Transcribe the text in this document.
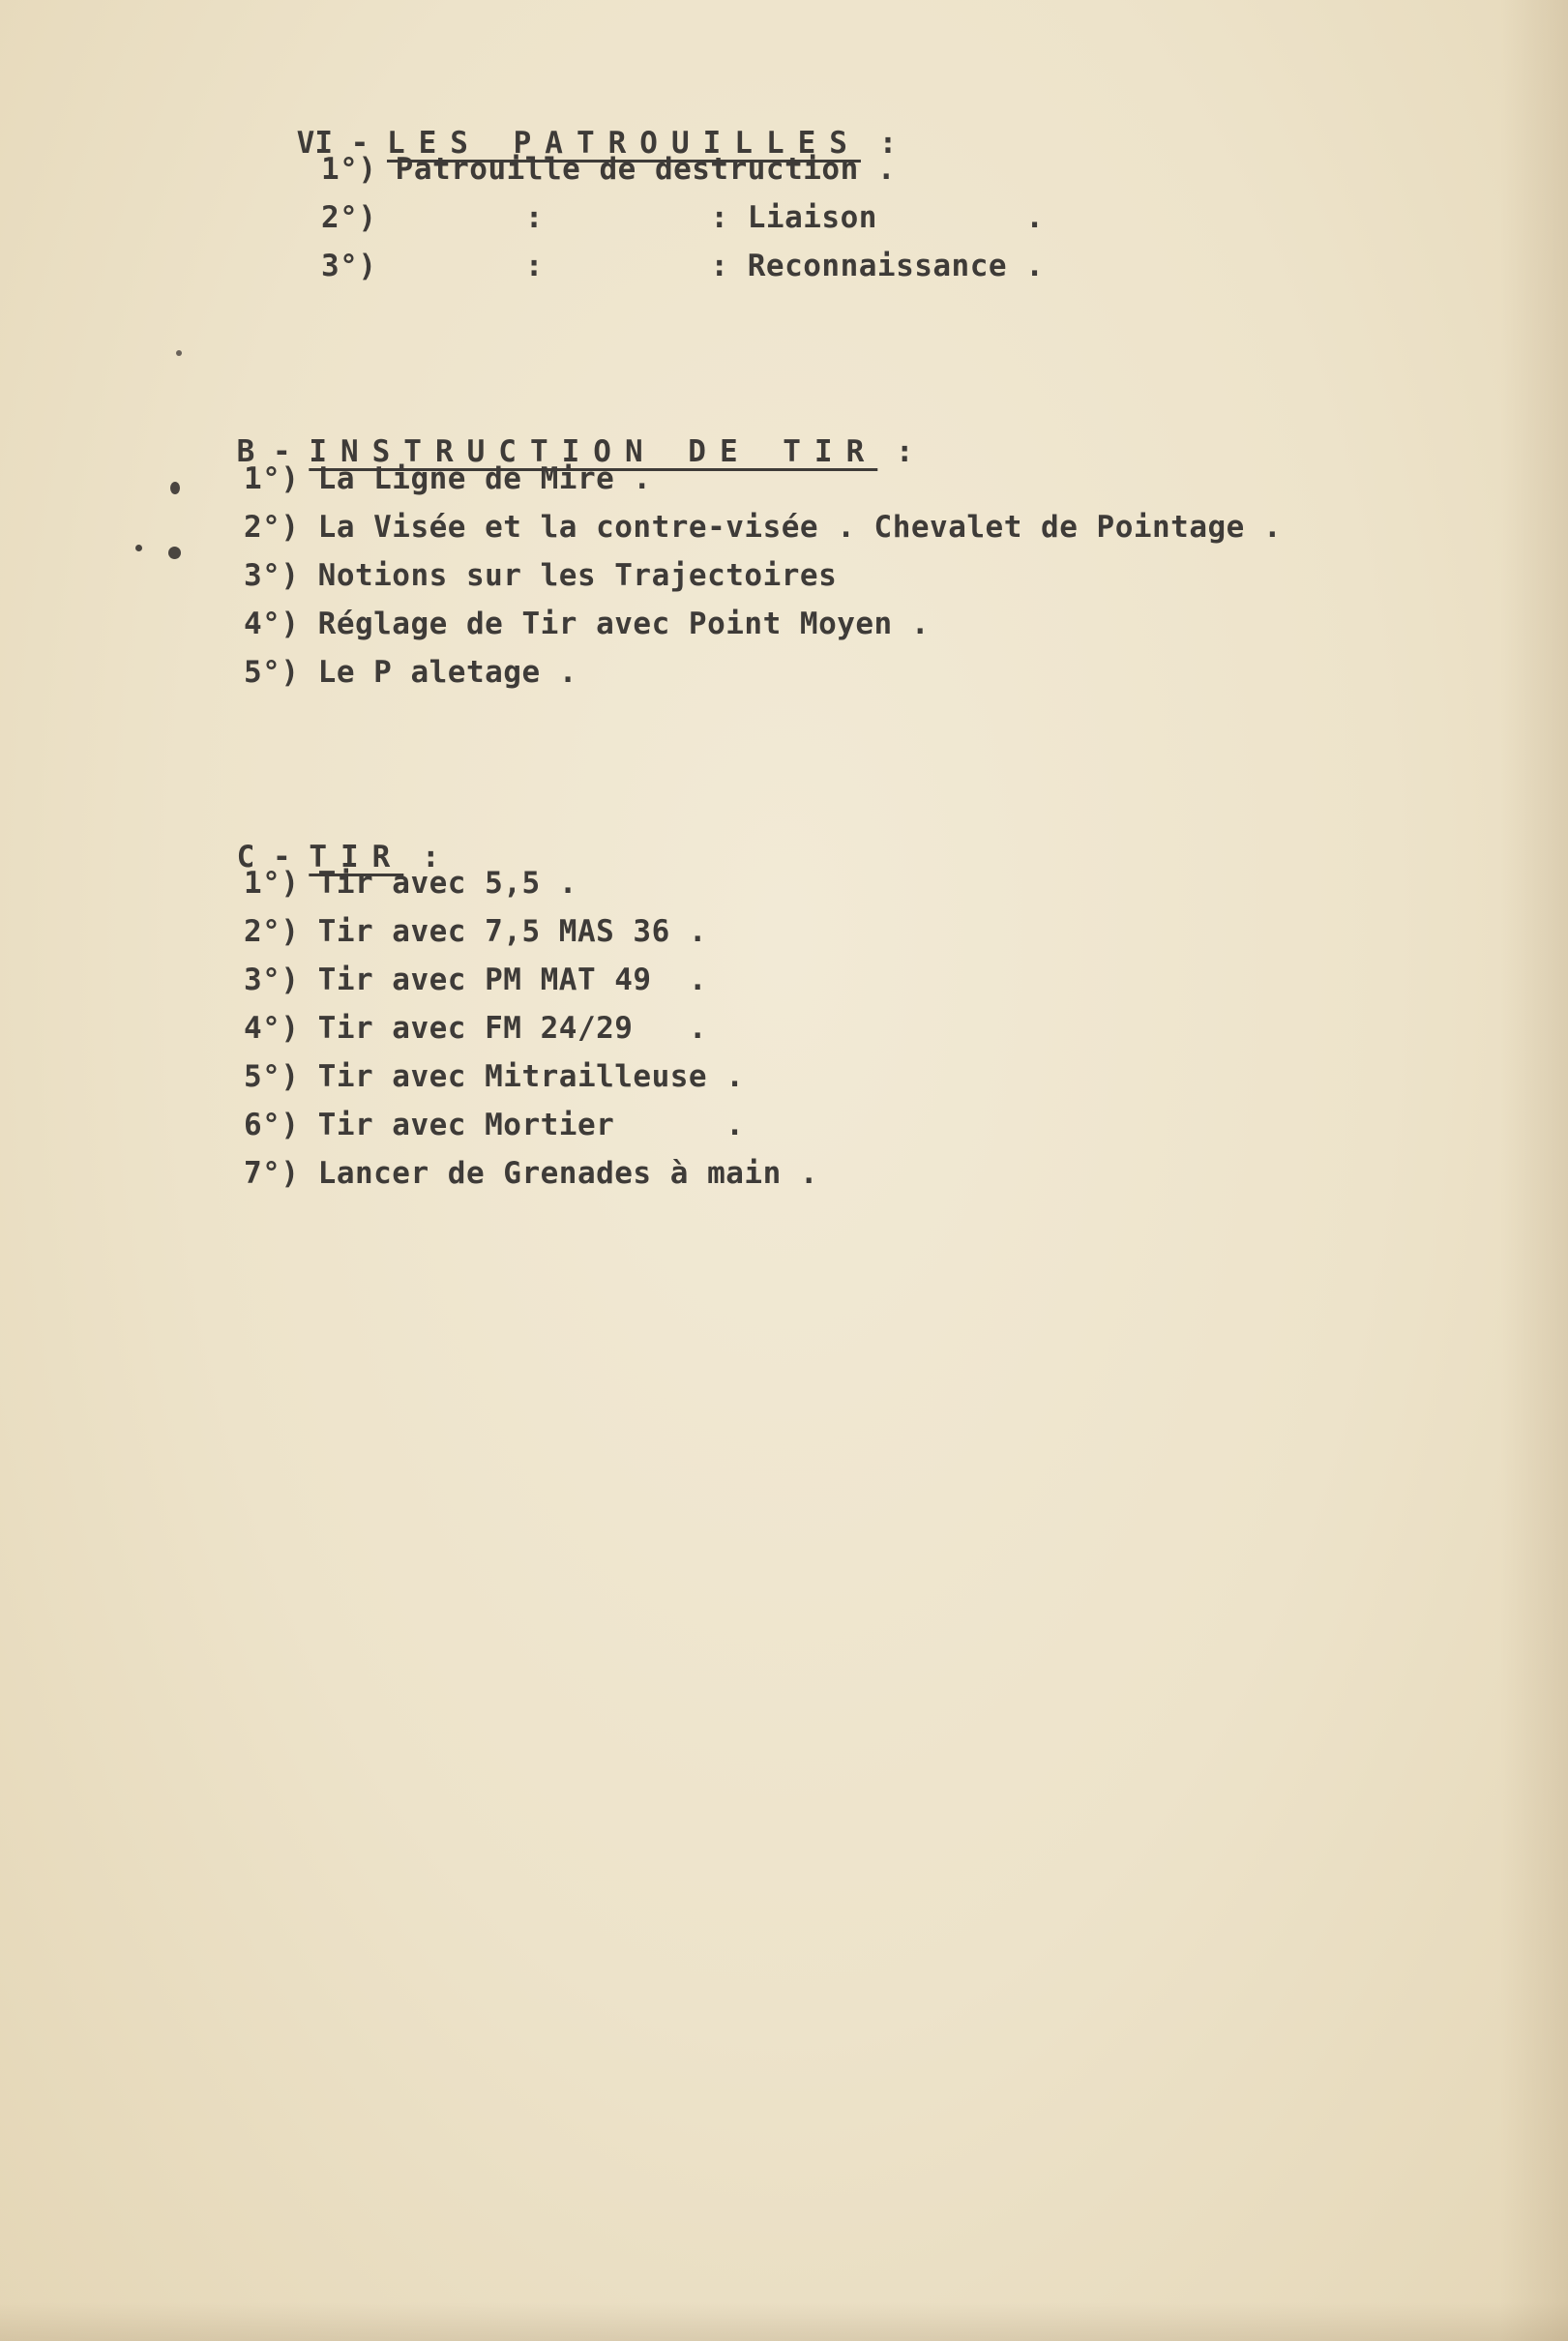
VI - LES PATROUILLES :

1°) Patrouille de destruction .
2°)        :         : Liaison        .
3°)        :         : Reconnaissance .

B - INSTRUCTION DE TIR :

1°) La Ligne de Mire .
2°) La Visée et la contre-visée . Chevalet de Pointage .
3°) Notions sur les Trajectoires
4°) Réglage de Tir avec Point Moyen .
5°) Le P aletage .

C - TIR :

1°) Tir avec 5,5 .
2°) Tir avec 7,5 MAS 36 .
3°) Tir avec PM MAT 49  .
4°) Tir avec FM 24/29   .
5°) Tir avec Mitrailleuse .
6°) Tir avec Mortier      .
7°) Lancer de Grenades à main .
